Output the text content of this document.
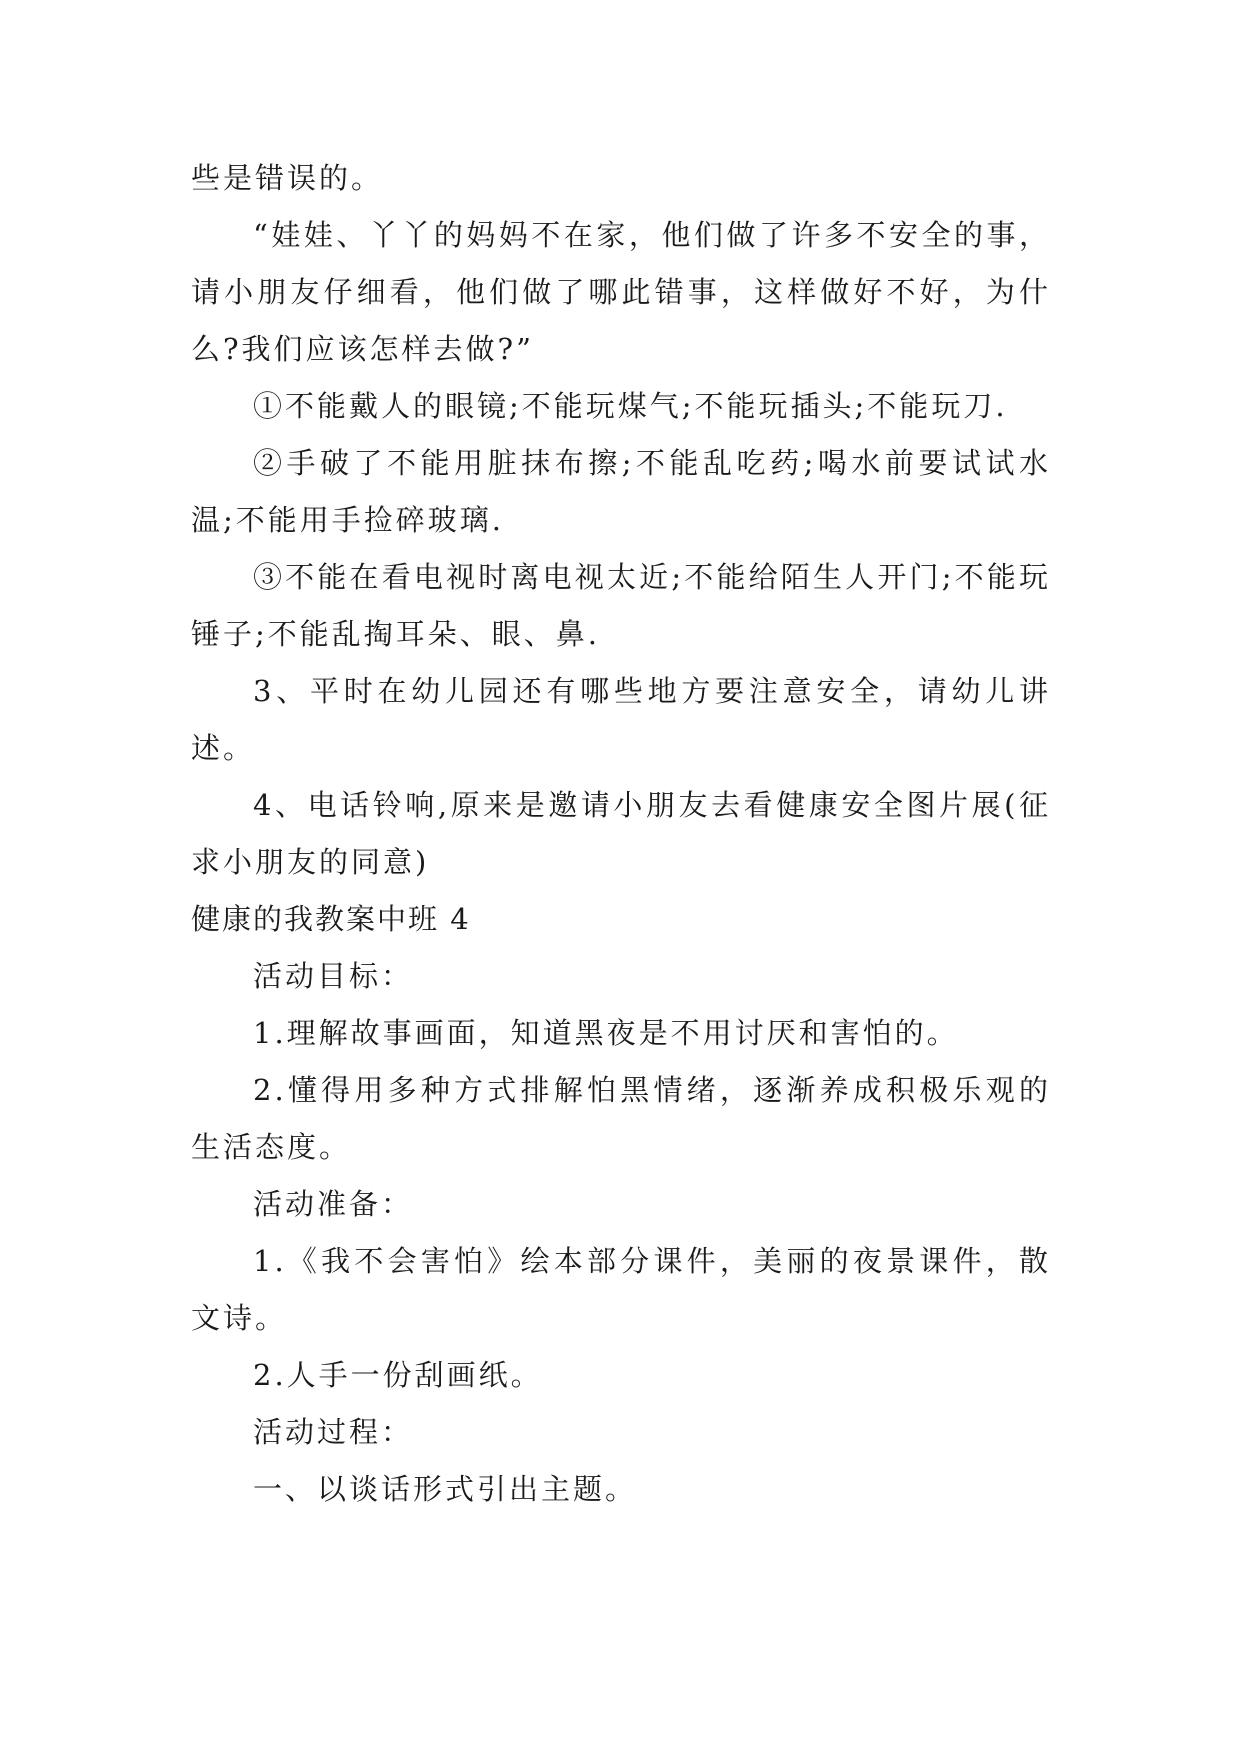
些是错误的。

“娃娃、丫丫的妈妈不在家，他们做了许多不安全的事，请小朋友仔细看，他们做了哪此错事，这样做好不好，为什么?我们应该怎样去做?”

①不能戴人的眼镜;不能玩煤气;不能玩插头;不能玩刀.

②手破了不能用脏抹布擦;不能乱吃药;喝水前要试试水温;不能用手捡碎玻璃.

③不能在看电视时离电视太近;不能给陌生人开门;不能玩锤子;不能乱掏耳朵、眼、鼻.

3、平时在幼儿园还有哪些地方要注意安全，请幼儿讲述。

4、电话铃响,原来是邀请小朋友去看健康安全图片展(征求小朋友的同意)

健康的我教案中班 4

活动目标：

1.理解故事画面，知道黑夜是不用讨厌和害怕的。

2.懂得用多种方式排解怕黑情绪，逐渐养成积极乐观的生活态度。

活动准备：

1.《我不会害怕》绘本部分课件，美丽的夜景课件，散文诗。

2.人手一份刮画纸。

活动过程：

一、以谈话形式引出主题。
